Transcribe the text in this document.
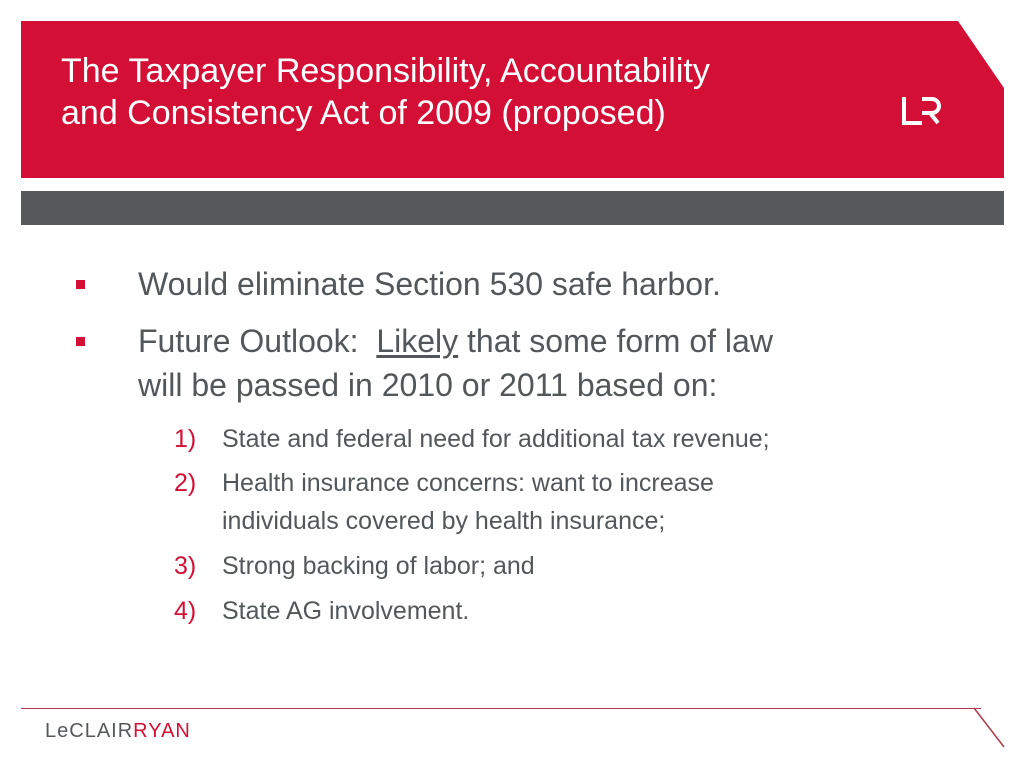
The Taxpayer Responsibility, Accountability
and Consistency Act of 2009 (proposed)

Would eliminate Section 530 safe harbor.

Future Outlook:  Likely that some form of law
will be passed in 2010 or 2011 based on:

1) State and federal need for additional tax revenue;

2) Health insurance concerns: want to increase
individuals covered by health insurance;

3) Strong backing of labor; and

4) State AG involvement.

LeCLAIRRYAN
